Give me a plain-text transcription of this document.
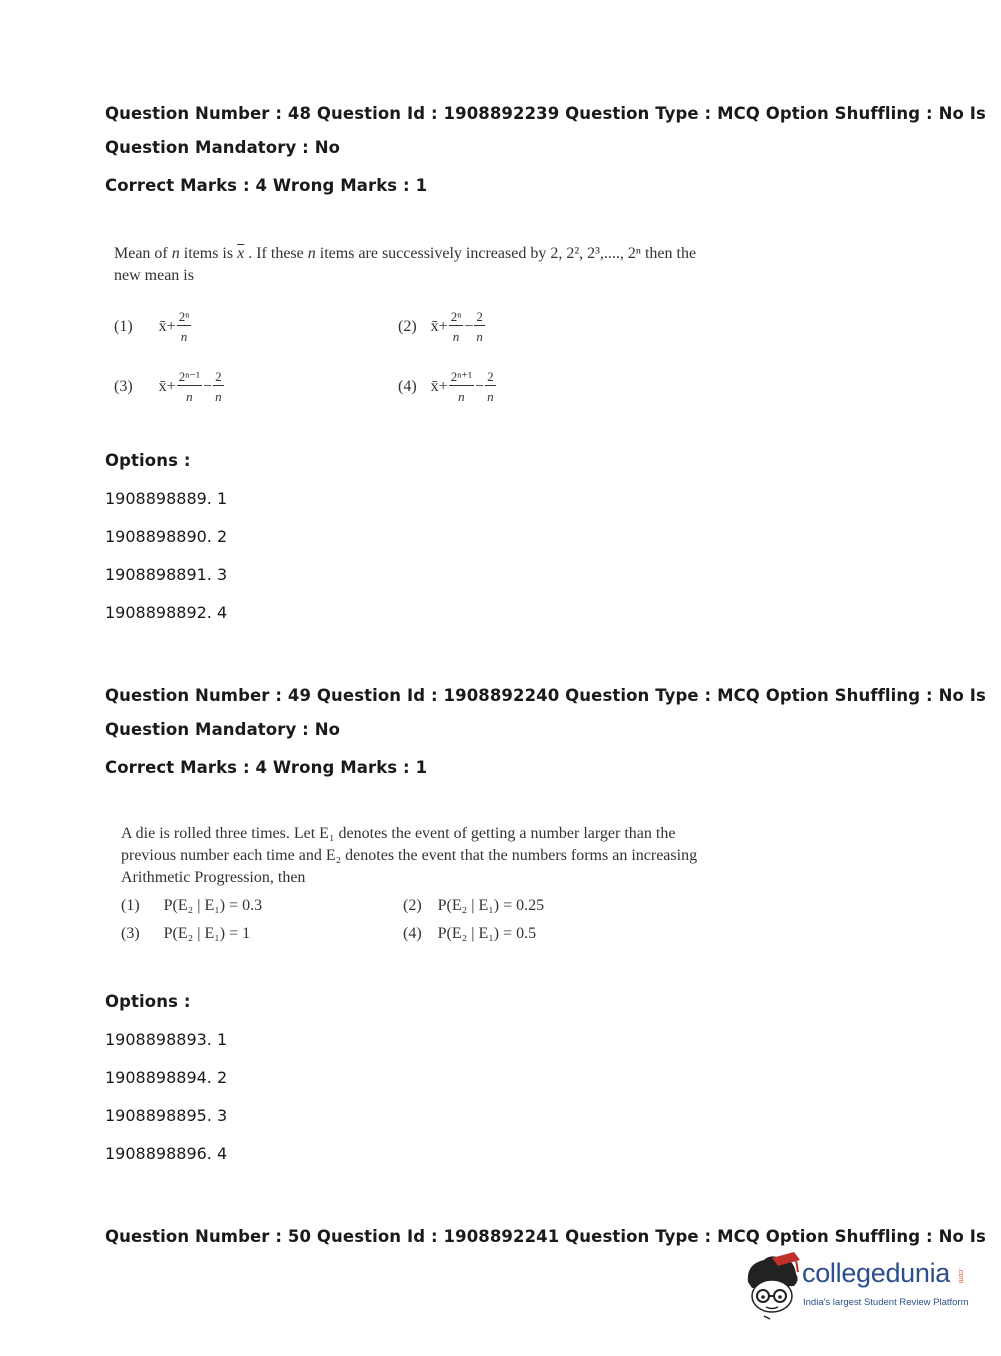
Question Number : 48 Question Id : 1908892239 Question Type : MCQ Option Shuffling : No Is
Question Mandatory : No
Correct Marks : 4 Wrong Marks : 1
Mean of n items is $\overline{x}$ . If these n items are successively increased by 2, 2², 2³,...., 2ⁿ then the
new mean is
(1) x̄+ $\frac{\text{2ⁿ}}{n}$	(2) x̄+ $\frac{\text{2ⁿ}}{n} - \frac{2}{n}$
(3) x̄+ $\frac{\text{2ⁿ⁻¹}}{n} - \frac{2}{n}$	(4) x̄+ $\frac{\text{2ⁿ⁺¹}}{n} - \frac{2}{n}$
Options :
1908898889. 1
1908898890. 2
1908898891. 3
1908898892. 4
Question Number : 49 Question Id : 1908892240 Question Type : MCQ Option Shuffling : No Is
Question Mandatory : No
Correct Marks : 4 Wrong Marks : 1
A die is rolled three times. Let E₁ denotes the event of getting a number larger than the
previous number each time and E₂ denotes the event that the numbers forms an increasing
Arithmetic Progression, then
(1) P(E₂ | E₁) = 0.3	(2) P(E₂ | E₁) = 0.25
(3) P(E₂ | E₁) = 1	(4) P(E₂ | E₁) = 0.5
Options :
1908898893. 1
1908898894. 2
1908898895. 3
1908898896. 4
Question Number : 50 Question Id : 1908892241 Question Type : MCQ Option Shuffling : No Is
collegedunia .com
India's largest Student Review Platform
